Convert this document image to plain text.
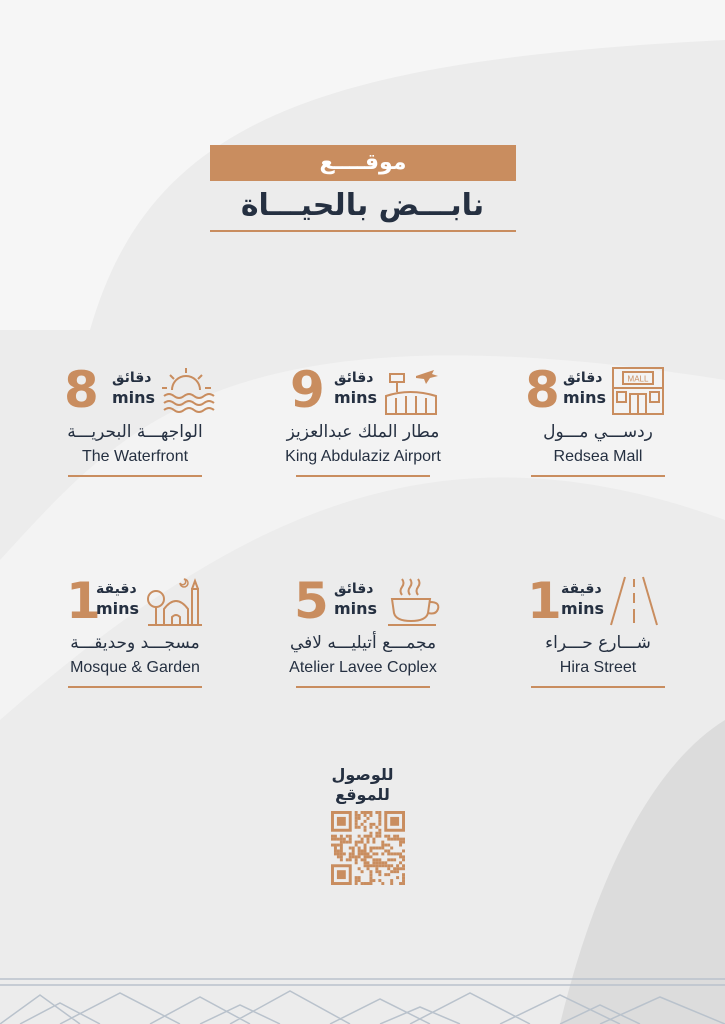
موقــــع
نابـــض بالحيـــاة
8 دقائق
mins
الواجهـــة البحريـــة
The Waterfront
9 دقائق
mins
مطار الملك عبدالعزيز
King Abdulaziz Airport
8 دقائق
mins
MALL
ردســـي مـــول
Redsea Mall
1
دقيقة
mins
مسجـــد وحديقـــة
Mosque & Garden
5 دقائق
mins
مجمـــع أتيليـــه لافي
Atelier Lavee Coplex
1 دقيقة
mins
شـــارع حـــراء
Hira Street
للوصول
للموقع
